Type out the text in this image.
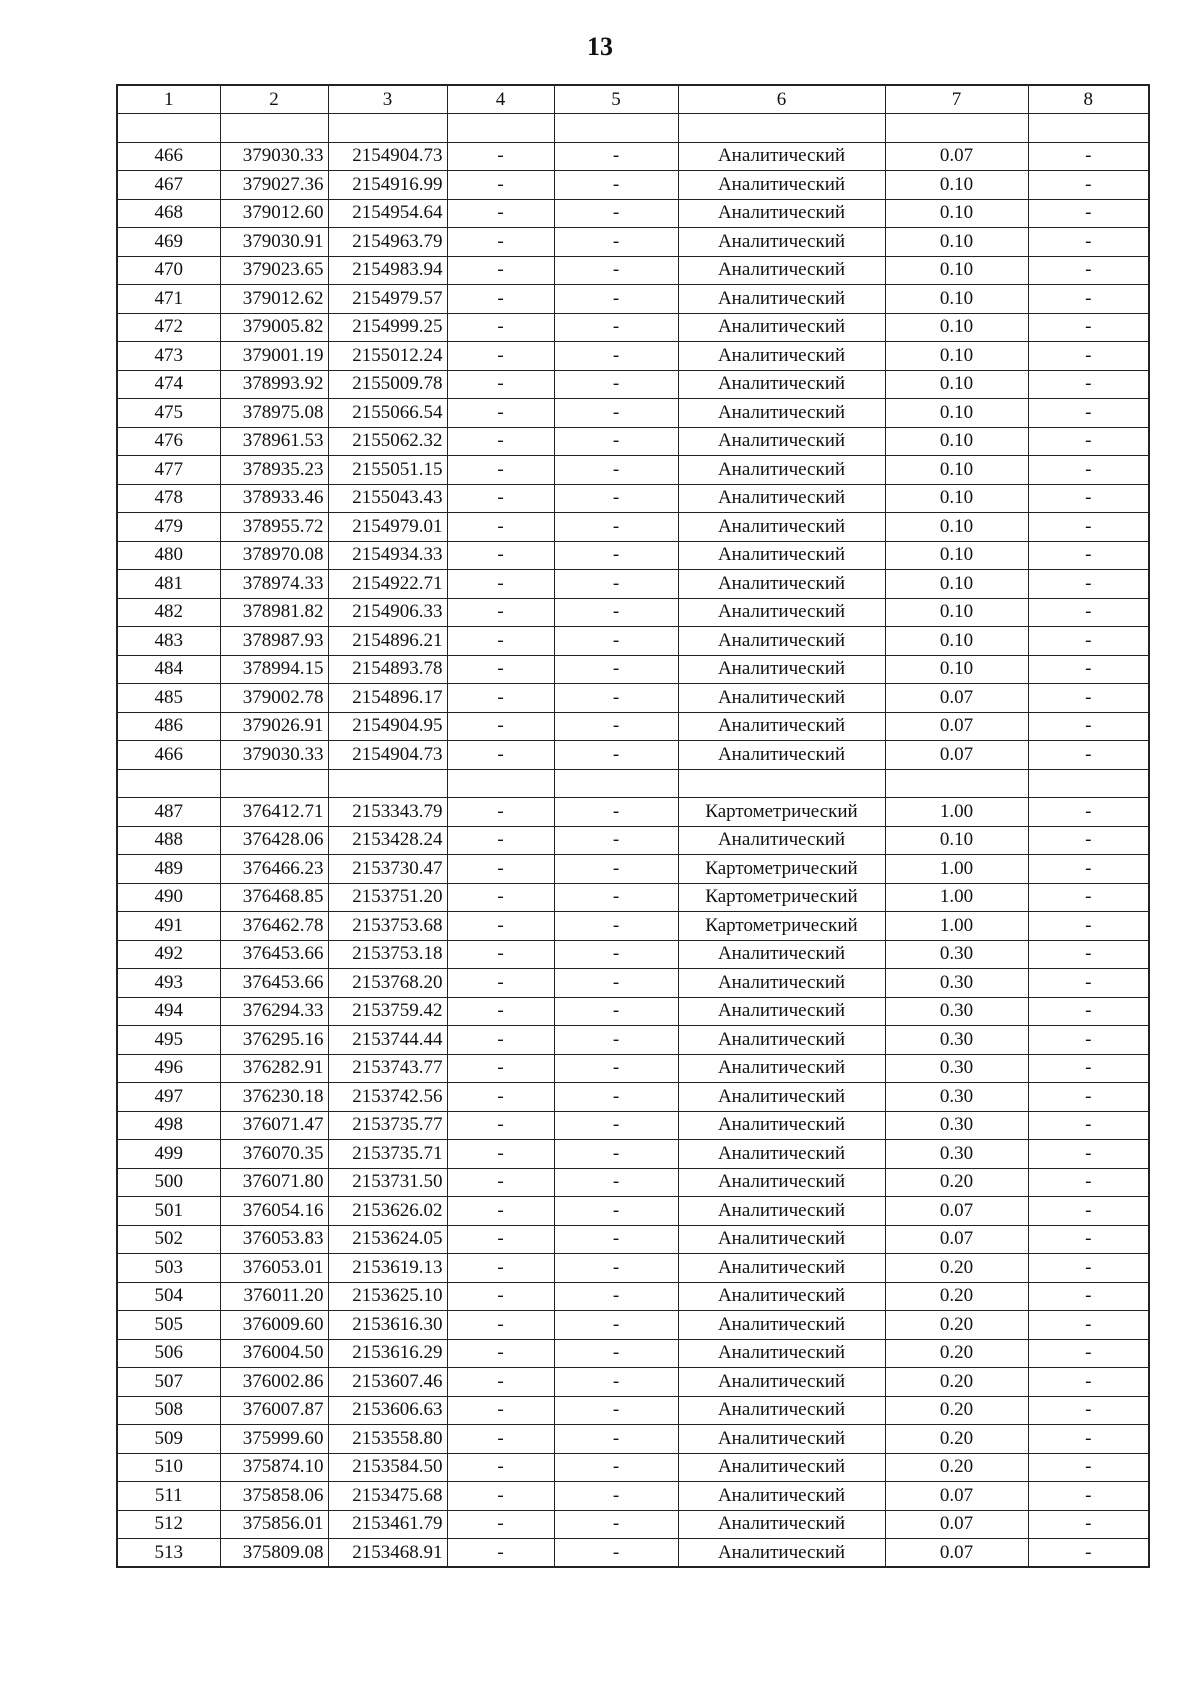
13
1	2	3	4	5	6	7	8

466	379030.33	2154904.73	-	-	Аналитический	0.07	-
467	379027.36	2154916.99	-	-	Аналитический	0.10	-
468	379012.60	2154954.64	-	-	Аналитический	0.10	-
469	379030.91	2154963.79	-	-	Аналитический	0.10	-
470	379023.65	2154983.94	-	-	Аналитический	0.10	-
471	379012.62	2154979.57	-	-	Аналитический	0.10	-
472	379005.82	2154999.25	-	-	Аналитический	0.10	-
473	379001.19	2155012.24	-	-	Аналитический	0.10	-
474	378993.92	2155009.78	-	-	Аналитический	0.10	-
475	378975.08	2155066.54	-	-	Аналитический	0.10	-
476	378961.53	2155062.32	-	-	Аналитический	0.10	-
477	378935.23	2155051.15	-	-	Аналитический	0.10	-
478	378933.46	2155043.43	-	-	Аналитический	0.10	-
479	378955.72	2154979.01	-	-	Аналитический	0.10	-
480	378970.08	2154934.33	-	-	Аналитический	0.10	-
481	378974.33	2154922.71	-	-	Аналитический	0.10	-
482	378981.82	2154906.33	-	-	Аналитический	0.10	-
483	378987.93	2154896.21	-	-	Аналитический	0.10	-
484	378994.15	2154893.78	-	-	Аналитический	0.10	-
485	379002.78	2154896.17	-	-	Аналитический	0.07	-
486	379026.91	2154904.95	-	-	Аналитический	0.07	-
466	379030.33	2154904.73	-	-	Аналитический	0.07	-

487	376412.71	2153343.79	-	-	Картометрический	1.00	-
488	376428.06	2153428.24	-	-	Аналитический	0.10	-
489	376466.23	2153730.47	-	-	Картометрический	1.00	-
490	376468.85	2153751.20	-	-	Картометрический	1.00	-
491	376462.78	2153753.68	-	-	Картометрический	1.00	-
492	376453.66	2153753.18	-	-	Аналитический	0.30	-
493	376453.66	2153768.20	-	-	Аналитический	0.30	-
494	376294.33	2153759.42	-	-	Аналитический	0.30	-
495	376295.16	2153744.44	-	-	Аналитический	0.30	-
496	376282.91	2153743.77	-	-	Аналитический	0.30	-
497	376230.18	2153742.56	-	-	Аналитический	0.30	-
498	376071.47	2153735.77	-	-	Аналитический	0.30	-
499	376070.35	2153735.71	-	-	Аналитический	0.30	-
500	376071.80	2153731.50	-	-	Аналитический	0.20	-
501	376054.16	2153626.02	-	-	Аналитический	0.07	-
502	376053.83	2153624.05	-	-	Аналитический	0.07	-
503	376053.01	2153619.13	-	-	Аналитический	0.20	-
504	376011.20	2153625.10	-	-	Аналитический	0.20	-
505	376009.60	2153616.30	-	-	Аналитический	0.20	-
506	376004.50	2153616.29	-	-	Аналитический	0.20	-
507	376002.86	2153607.46	-	-	Аналитический	0.20	-
508	376007.87	2153606.63	-	-	Аналитический	0.20	-
509	375999.60	2153558.80	-	-	Аналитический	0.20	-
510	375874.10	2153584.50	-	-	Аналитический	0.20	-
511	375858.06	2153475.68	-	-	Аналитический	0.07	-
512	375856.01	2153461.79	-	-	Аналитический	0.07	-
513	375809.08	2153468.91	-	-	Аналитический	0.07	-
